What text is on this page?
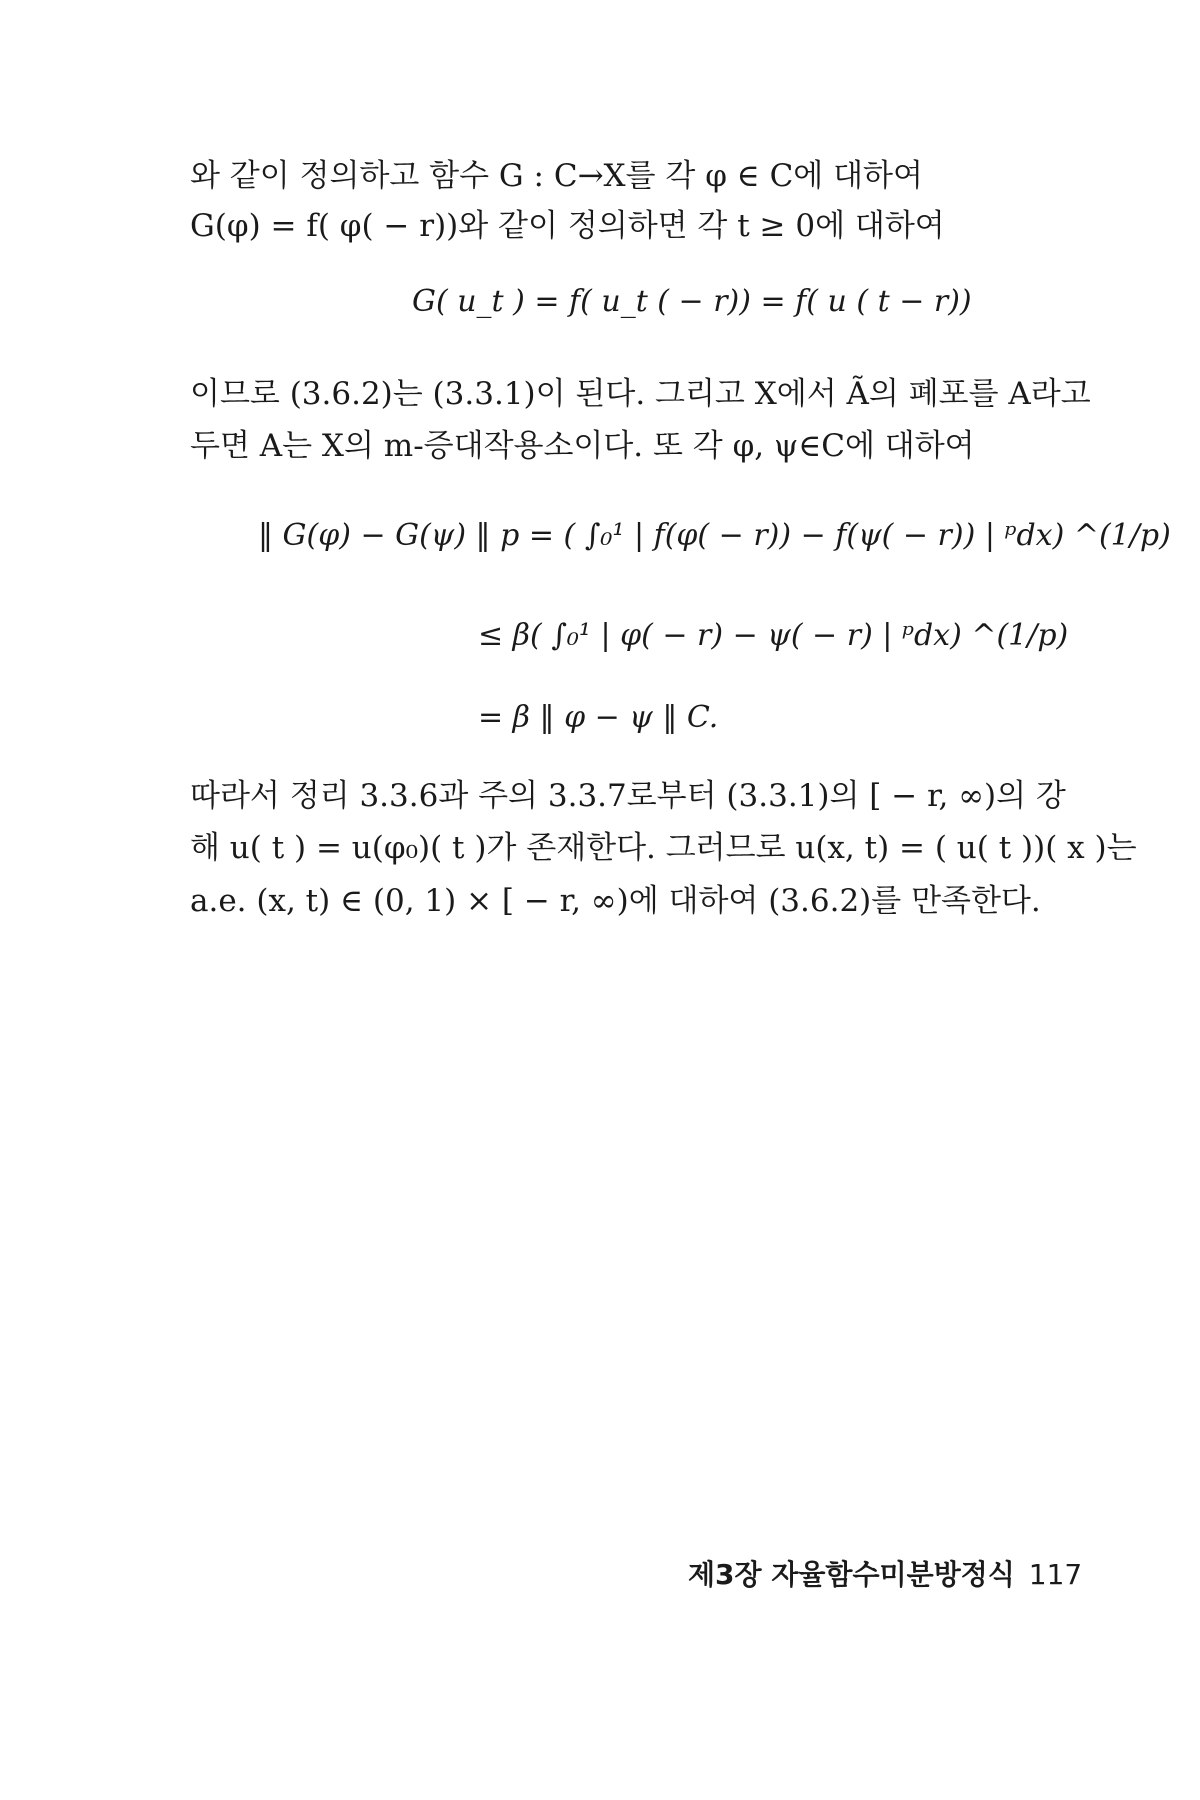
와 같이 정의하고 함수 G : C→X를 각 φ ∈ C에 대하여
G(φ) = f( φ( − r))와 같이 정의하면 각 t ≥ 0에 대하여
G( u_t ) = f( u_t ( − r)) = f( u ( t − r))
이므로 (3.6.2)는 (3.3.1)이 된다. 그리고 X에서 Ã의 폐포를 A라고
두면 A는 X의 m-증대작용소이다. 또 각 φ, ψ∈C에 대하여
‖ G(φ) − G(ψ) ‖ p = ( ∫₀¹ | f(φ( − r)) − f(ψ( − r)) | ᵖdx) ^(1/p)
≤ β( ∫₀¹ | φ( − r) − ψ( − r) | ᵖdx) ^(1/p)
= β ‖ φ − ψ ‖ C.
따라서 정리 3.3.6과 주의 3.3.7로부터 (3.3.1)의 [ − r, ∞)의 강
해 u( t ) = u(φ₀)( t )가 존재한다. 그러므로 u(x, t) = ( u( t ))( x )는
a.e. (x, t) ∈ (0, 1) × [ − r, ∞)에 대하여 (3.6.2)를 만족한다.
제3장 자율함수미분방정식 117
